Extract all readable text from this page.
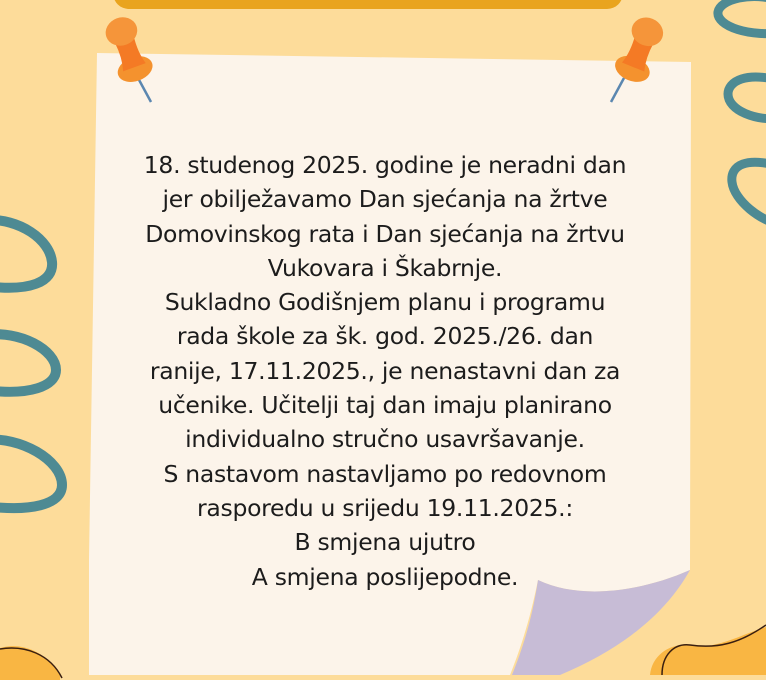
18. studenog 2025. godine je neradni dan
jer obilježavamo Dan sjećanja na žrtve
Domovinskog rata i Dan sjećanja na žrtvu
Vukovara i Škabrnje.
Sukladno Godišnjem planu i programu
rada škole za šk. god. 2025./26. dan
ranije, 17.11.2025., je nenastavni dan za
učenike. Učitelji taj dan imaju planirano
individualno stručno usavršavanje.
S nastavom nastavljamo po redovnom
rasporedu u srijedu 19.11.2025.:
B smjena ujutro
A smjena poslijepodne.
